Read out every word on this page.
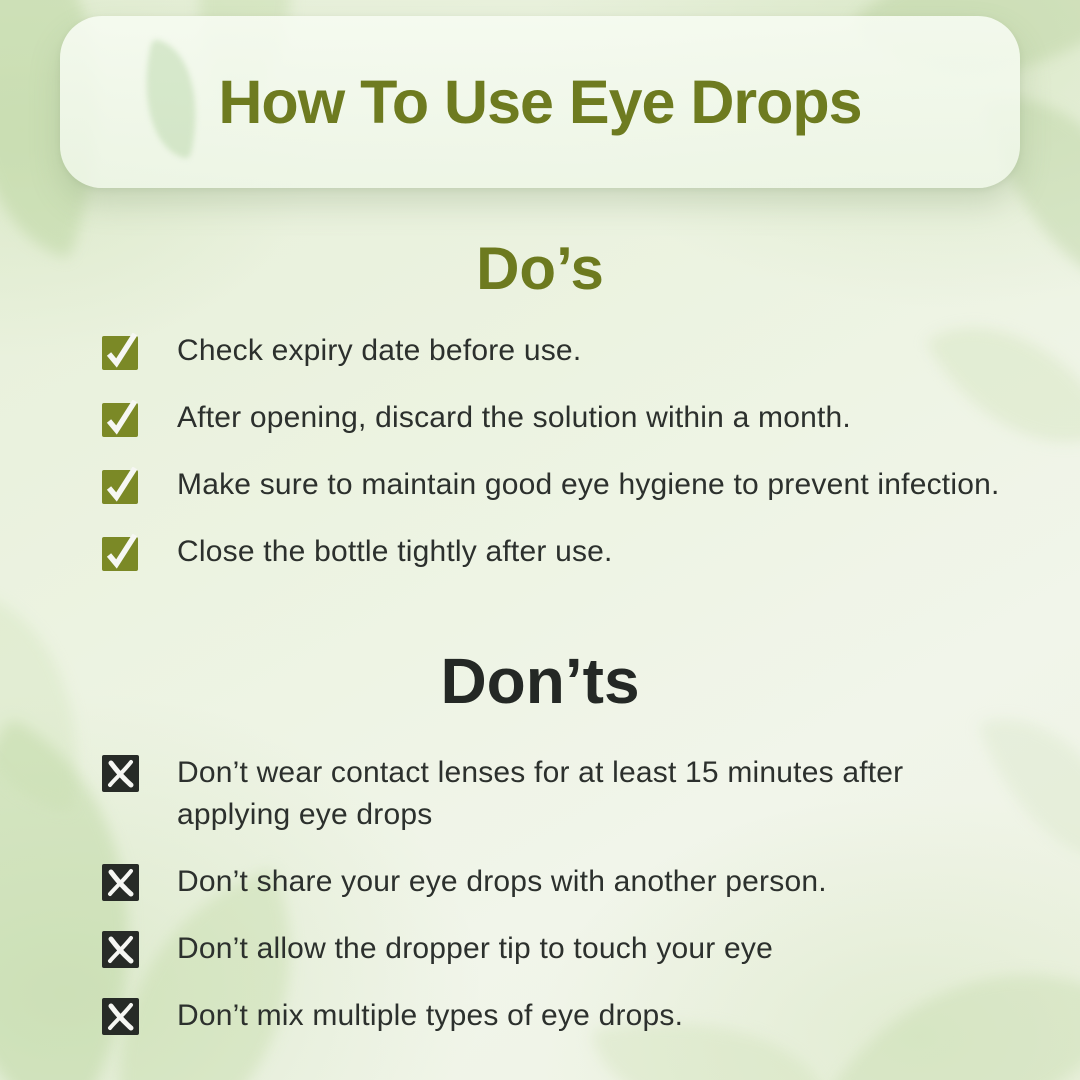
How To Use Eye Drops
Do’s
Check expiry date before use.
After opening, discard the solution within a month.
Make sure to maintain good eye hygiene to prevent infection.
Close the bottle tightly after use.
Don’ts
Don’t wear contact lenses for at least 15 minutes after applying eye drops
Don’t share your eye drops with another person.
Don’t allow the dropper tip to touch your eye
Don’t mix multiple types of eye drops.
